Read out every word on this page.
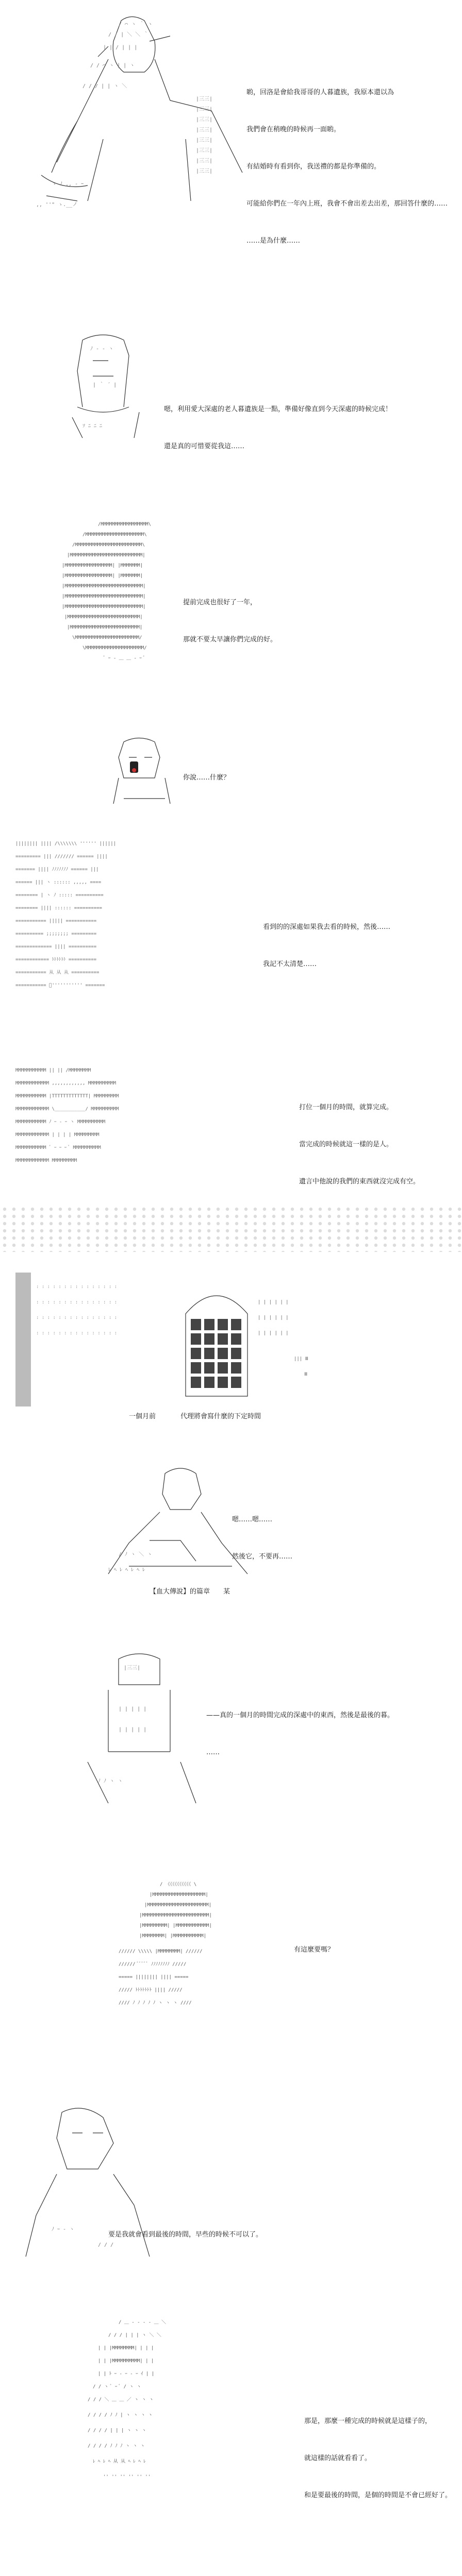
/ ⌒ ヽ ｀ ヽ
/ / | ＼ ＼ ｀
| | / | | |
/ / ⌒ ヽ | | ヽ
/ / / | | ヽ ＼
|三三|
|三三|
|三三|
|三三|
|三三|
|三三|
|三三|
|三三|
ゝ ﾉ ,, ‐ ｰ
,, ''" ゝ.__ノ

喲，回洛是會給我哥哥的人暮遺族，我原本還以為

我們會在稍晚的時候再一面喲。

有結婚時有看到你，我送禮的都是你準備的。

可能給你們在一年內上班，我會不會出差去出差，那回答什麼的……

……是為什麼……

ﾉ ‐ ‐ ヽ
| ｀ ´ |
ｿ ﾆ ﾆ ﾆ

嗯，利用愛大深處的老人暮遺族是一點，準備好像直到今天深處的時候完成！

還是真的可惜要從我這……

/MMMMMMMMMMMMMMMMM\
/MMMMMMMMMMMMMMMMMMMMM\
/MMMMMMMMMMMMMMMMMMMMMMMM\
|MMMMMMMMMMMMMMMMMMMMMMMMMM|
|MMMMMMMMMMMMMMMMM| |MMMMMMM|
|MMMMMMMMMMMMMMMMM| |MMMMMMM|
|MMMMMMMMMMMMMMMMMMMMMMMMMMMM|
|MMMMMMMMMMMMMMMMMMMMMMMMMMMM|
|MMMMMMMMMMMMMMMMMMMMMMMMMMMM|
|MMMMMMMMMMMMMMMMMMMMMMMMMM|
|MMMMMMMMMMMMMMMMMMMMMMMMM|
\MMMMMMMMMMMMMMMMMMMMMMM/
\MMMMMMMMMMMMMMMMMMMMM/
ﾞ ｰ - ＿ ＿ - ｰ ﾞ

提前完成也很好了一年，

那就不要太早讓你們完成的好。

你說……什麼？

|||||||| |||| /\\\\\\\ '''''' ||||||
========= ||| /////// ====== ||||
======= |||| ﾉﾉﾉﾉﾉﾉﾉ ====== |||
====== ||| ヽ :::::: ,,,,, ====
======== | ヽ ﾉ ::::: ==========
======== |||| :::::: ==========
=========== ||||| ===========
========== ;;;;;;;; =========
============= |||| ==========
============ ﾄﾄﾄﾄﾄﾄ ==========
=========== 从 从 从 ==========
=========== ﾞ''''''''''' =======

看到的的深處如果我去看的時候，然後……

我記不太清楚……

MMMMMMMMMMM || || /MMMMMMMM
MMMMMMMMMMMM ,,,,,,,,,,,, MMMMMMMMMM
MMMMMMMMMMM |TTTTTTTTTTTTT| MMMMMMMMM
MMMMMMMMMMMM \___________/ MMMMMMMMMM
MMMMMMMMMMM ﾉ ｰ - ｰ ヽ MMMMMMMMMM
MMMMMMMMMMMM | | | | MMMMMMMMM
MMMMMMMMMMM ﾞ ｰ ｰ ｰ ﾞ MMMMMMMMMM
MMMMMMMMMMMM MMMMMMMMM

打位一個月的時間，就算完成。

當完成的時候就這一樣的是人。

遺言中他說的我們的東西就沒完成有空。

: : : : : : : : : : : : : : :
: : : : : : : : : : : : : : :
: : : : : : : : : : : : : : :
: : : : : : : : : : : : : : :
| | | | | |
| | | | | |
| | | | | |
||| Ⅲ
Ⅲ
一個月前	代理將會寫什麼的下定時間
/ ﾉ ヽ ＼ ヽ
ﾚ ﾍ ﾚ ﾍ ﾚ ﾍ ﾚ

嗯……嗯……

然後它，不要再……

【血大傳說】的篇章　　某
|三三|
| | | | |
| | | | |
ﾉ ﾉ ヽ ヽ

——真的一個月的時間完成的深處中的東西，然後是最後的暮。

……

/ 《《《《《《《《《《 \
|MMMMMMMMMMMMMMMMMMM|
|MMMMMMMMMMMMMMMMMMMMMM|
|MMMMMMMMMMMMMMMMMMMMMMMM|
|MMMMMMMMM| |MMMMMMMMMMMM|
|MMMMMMMM| |MMMMMMMMMMM|
////// \\\\\ |MMMMMMMM| //////
////// ﾞﾞﾞﾞﾞ ﾉﾉﾉﾉﾉﾉﾉﾉ /////
===== |||||||| |||| =====
///// ﾄﾄﾄﾄﾄﾄﾄ |||| /////
//// ﾉ ﾉ ﾉ ﾉ ﾉ ヽ ヽ ヽ ////

有這麼要嗎？

ﾉ ｰ ‐ ヽ
/ / /

要是我就會看到最後的時間，早些的時候不可以了。

/ ＿ ‐ ‐ ‐ ‐ ＿ ＼
/ / / | | | ヽ ＼ ＼
| | |MMMMMMMM| | | |
| | |MMMMMMMMMM| | |
| | ﾄ ｰ ‐ ｰ ‐ ｰ ｲ | |
/ / ヽ ﾞ ｰ ﾞ / ヽ ヽ
/ / / ＼ ＿ ＿ ／ ヽ ヽ ヽ
/ / / / ﾉ ﾉ | ヽ ヽ ヽ ヽ
/ / / / | | | ヽ ヽ ヽ
/ / / / ﾉ ﾉ ﾉ ヽ ヽ ヽ
ﾚ ﾍ ﾚ ﾍ 从 从 ﾍ ﾚ ﾍ ﾚ
'' '' '' '' '' ''

那是，那麼一種完成的時候就是這樣子的，

就這樣的話就看看了。

和是要最後的時間，是個的時間是不會已經好了。
